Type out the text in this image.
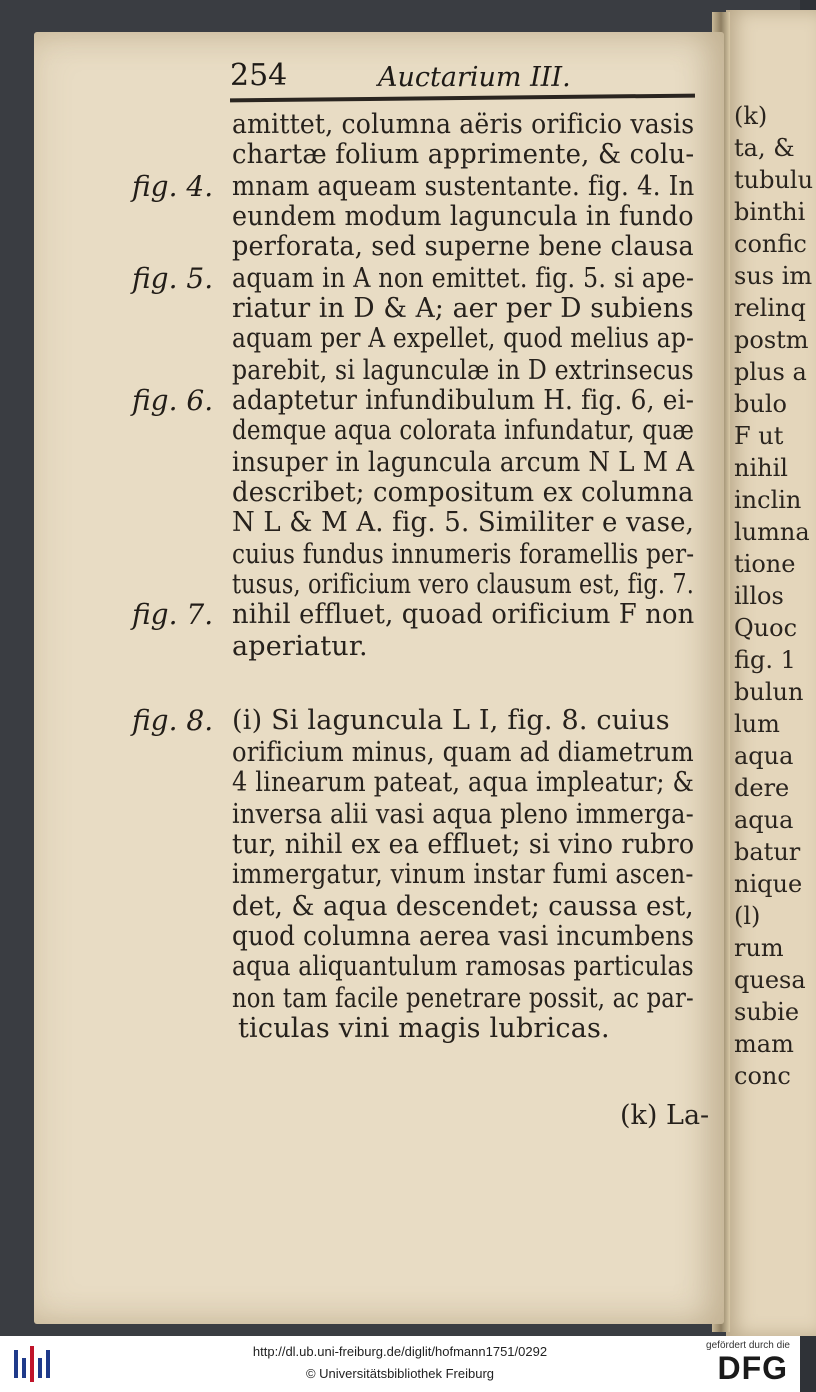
(k)
ta, &
tubulu
binthi
confic
sus im
relinq
postm
plus a
bulo
F ut
nihil
inclin
lumna
tione
illos
Quoc
fig. 1
bulun
lum
aqua
dere
aqua
batur
nique
(l)
rum
quesa
subie
mam
conc
254	Auctarium III.
amittet, columna aëris orificio vasis
chartæ folium apprimente, & colu-
mnam aqueam sustentante. fig. 4. In
eundem modum laguncula in fundo
perforata, sed superne bene clausa
aquam in A non emittet. fig. 5. si ape-
riatur in D & A; aer per D subiens
aquam per A expellet, quod melius ap-
parebit, si lagunculæ in D extrinsecus
adaptetur infundibulum H. fig. 6, ei-
demque aqua colorata infundatur, quæ
insuper in laguncula arcum N L M A
describet; compositum ex columna
N L & M A. fig. 5. Similiter e vase,
cuius fundus innumeris foramellis per-
tusus, orificium vero clausum est, fig. 7.
nihil effluet, quoad orificium F non
aperiatur.
(i) Si laguncula L I, fig. 8. cuius
orificium minus, quam ad diametrum
4 linearum pateat, aqua impleatur; &
inversa alii vasi aqua pleno immerga-
tur, nihil ex ea effluet; si vino rubro
immergatur, vinum instar fumi ascen-
det, & aqua descendet; caussa est,
quod columna aerea vasi incumbens
aqua aliquantulum ramosas particulas
non tam facile penetrare possit, ac par-
ticulas vini magis lubricas.
fig. 4.
fig. 5.
fig. 6.
fig. 7.
fig. 8.
(k) La-
http://dl.ub.uni-freiburg.de/diglit/hofmann1751/0292
© Universitätsbibliothek Freiburg
gefördert durch die
DFG
